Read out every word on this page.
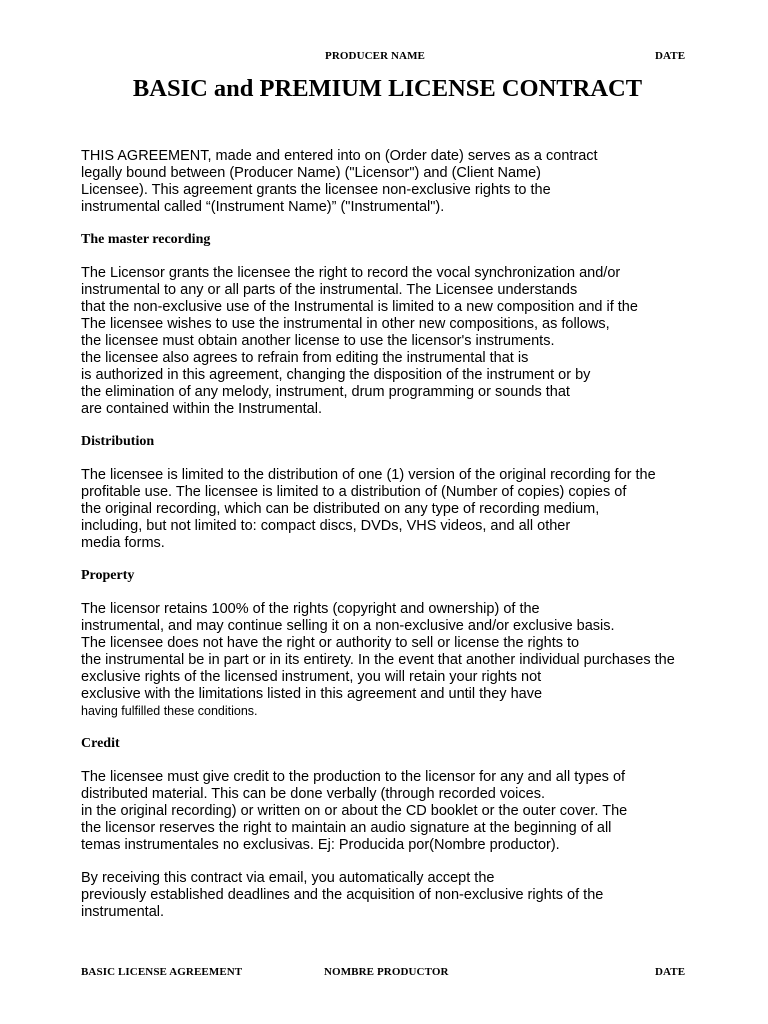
PRODUCER NAME	DATE
BASIC and PREMIUM LICENSE CONTRACT
THIS AGREEMENT, made and entered into on (Order date) serves as a contract
legally bound between (Producer Name) ("Licensor") and (Client Name)
Licensee). This agreement grants the licensee non-exclusive rights to the
instrumental called “(Instrument Name)” ("Instrumental").
The master recording
The Licensor grants the licensee the right to record the vocal synchronization and/or
instrumental to any or all parts of the instrumental. The Licensee understands
that the non-exclusive use of the Instrumental is limited to a new composition and if the
The licensee wishes to use the instrumental in other new compositions, as follows,
the licensee must obtain another license to use the licensor's instruments.
the licensee also agrees to refrain from editing the instrumental that is
is authorized in this agreement, changing the disposition of the instrument or by
the elimination of any melody, instrument, drum programming or sounds that
are contained within the Instrumental.
Distribution
The licensee is limited to the distribution of one (1) version of the original recording for the
profitable use. The licensee is limited to a distribution of (Number of copies) copies of
the original recording, which can be distributed on any type of recording medium,
including, but not limited to: compact discs, DVDs, VHS videos, and all other
media forms.
Property
The licensor retains 100% of the rights (copyright and ownership) of the
instrumental, and may continue selling it on a non-exclusive and/or exclusive basis.
The licensee does not have the right or authority to sell or license the rights to
the instrumental be in part or in its entirety. In the event that another individual purchases the
exclusive rights of the licensed instrument, you will retain your rights not
exclusive with the limitations listed in this agreement and until they have
having fulfilled these conditions.
Credit
The licensee must give credit to the production to the licensor for any and all types of
distributed material. This can be done verbally (through recorded voices.
in the original recording) or written on or about the CD booklet or the outer cover. The
the licensor reserves the right to maintain an audio signature at the beginning of all
temas instrumentales no exclusivas. Ej: Producida por(Nombre productor).
By receiving this contract via email, you automatically accept the
previously established deadlines and the acquisition of non-exclusive rights of the
instrumental.
BASIC LICENSE AGREEMENT	NOMBRE PRODUCTOR	DATE
